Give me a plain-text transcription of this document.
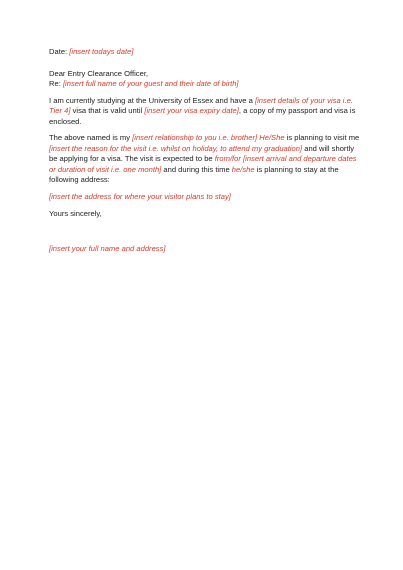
Date: [insert todays date]

Dear Entry Clearance Officer,
Re: [insert full name of your guest and their date of birth]

I am currently studying at the University of Essex and have a [insert details of your visa i.e. Tier 4] visa that is valid until [insert your visa expiry date], a copy of my passport and visa is enclosed.

The above named is my [insert relationship to you i.e. brother] He/She is planning to visit me [insert the reason for the visit i.e. whilst on holiday, to attend my graduation] and will shortly be applying for a visa. The visit is expected to be from/for [insert arrival and departure dates or duration of visit i.e. one month] and during this time he/she is planning to stay at the following address:

[insert the address for where your visitor plans to stay]

Yours sincerely,

[insert your full name and address]
